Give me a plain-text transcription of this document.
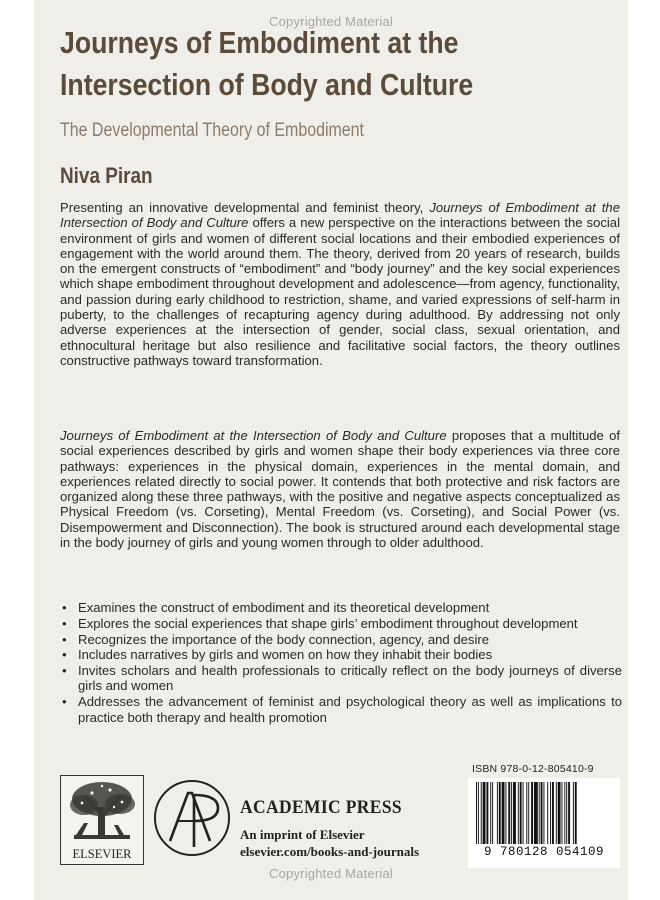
Copyrighted Material
Journeys of Embodiment at the
Intersection of Body and Culture
The Developmental Theory of Embodiment
Niva Piran

Presenting an innovative developmental and feminist theory, Journeys of Embodiment at the Intersection of Body and Culture offers a new perspective on the interactions between the social environment of girls and women of different social locations and their embodied experiences of engagement with the world around them. The theory, derived from 20 years of research, builds on the emergent constructs of “embodiment” and “body journey” and the key social experiences which shape embodiment throughout development and adolescence—from agency, functionality, and passion during early childhood to restriction, shame, and varied expressions of self-harm in puberty, to the challenges of recapturing agency during adulthood. By addressing not only adverse experiences at the intersection of gender, social class, sexual orientation, and ethnocultural heritage but also resilience and facilitative social factors, the theory outlines constructive pathways toward transformation.

Journeys of Embodiment at the Intersection of Body and Culture proposes that a multitude of social experiences described by girls and women shape their body experiences via three core pathways: experiences in the physical domain, experiences in the mental domain, and experiences related directly to social power. It contends that both protective and risk factors are organized along these three pathways, with the positive and negative aspects conceptualized as Physical Freedom (vs. Corseting), Mental Freedom (vs. Corseting), and Social Power (vs. Disempowerment and Disconnection). The book is structured around each developmental stage in the body journey of girls and young women through to older adulthood.

• Examines the construct of embodiment and its theoretical development
• Explores the social experiences that shape girls’ embodiment throughout development
• Recognizes the importance of the body connection, agency, and desire
• Includes narratives by girls and women on how they inhabit their bodies
• Invites scholars and health professionals to critically reflect on the body journeys of diverse girls and women
• Addresses the advancement of feminist and psychological theory as well as implications to practice both therapy and health promotion
ELSEVIER
ACADEMIC PRESS
An imprint of Elsevier
elsevier.com/books-and-journals
ISBN 978-0-12-805410-9
9 780128 054109
Copyrighted Material
